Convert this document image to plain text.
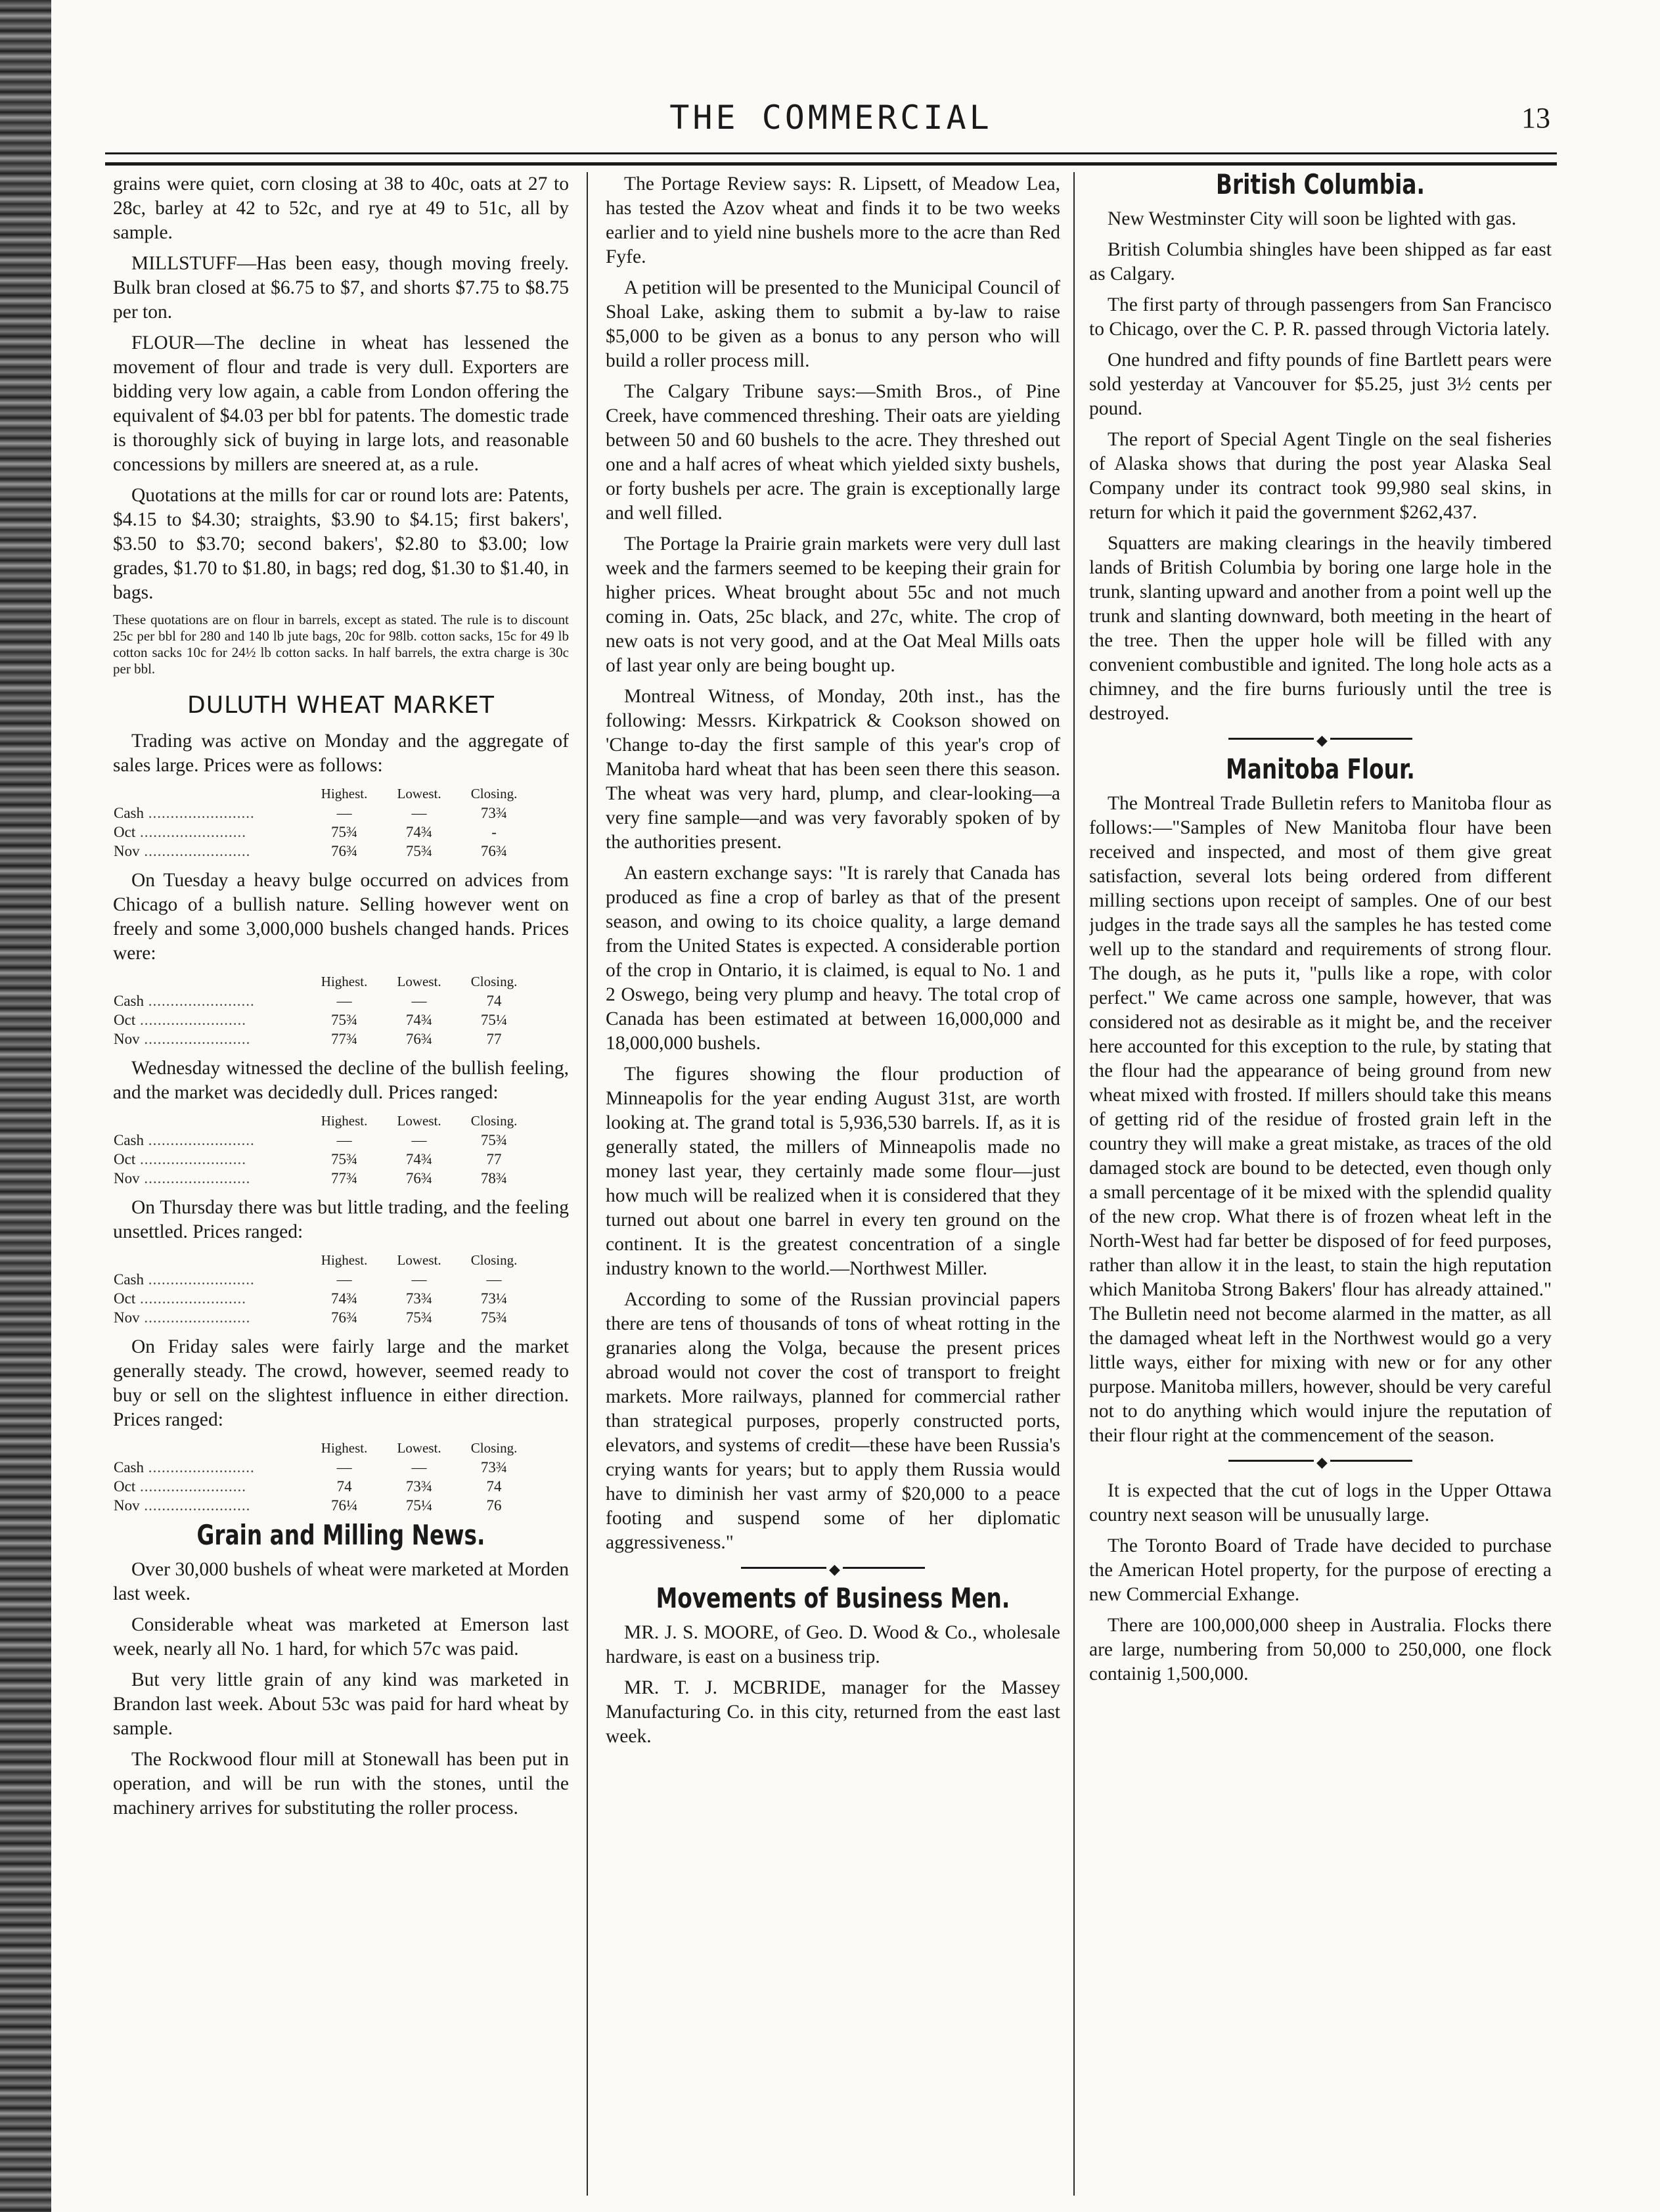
THE COMMERCIAL	13

grains were quiet, corn closing at 38 to 40c, oats at 27 to 28c, barley at 42 to 52c, and rye at 49 to 51c, all by sample.

MILLSTUFF—Has been easy, though moving freely. Bulk bran closed at $6.75 to $7, and shorts $7.75 to $8.75 per ton.

FLOUR—The decline in wheat has lessened the movement of flour and trade is very dull. Exporters are bidding very low again, a cable from London offering the equivalent of $4.03 per bbl for patents. The domestic trade is thoroughly sick of buying in large lots, and reasonable concessions by millers are sneered at, as a rule.

Quotations at the mills for car or round lots are: Patents, $4.15 to $4.30; straights, $3.90 to $4.15; first bakers', $3.50 to $3.70; second bakers', $2.80 to $3.00; low grades, $1.70 to $1.80, in bags; red dog, $1.30 to $1.40, in bags.

These quotations are on flour in barrels, except as stated. The rule is to discount 25c per bbl for 280 and 140 lb jute bags, 20c for 98lb. cotton sacks, 15c for 49 lb cotton sacks 10c for 24½ lb cotton sacks. In half barrels, the extra charge is 30c per bbl.

DULUTH WHEAT MARKET

Trading was active on Monday and the aggregate of sales large. Prices were as follows:

	Highest.	Lowest.	Closing.
Cash .....	—	—	73¾
Oct .....	75¾	74¾	-
Nov .....	76¾	75¾	76¾

On Tuesday a heavy bulge occurred on advices from Chicago of a bullish nature. Selling however went on freely and some 3,000,000 bushels changed hands. Prices were:

	Highest.	Lowest.	Closing.
Cash .....	—	—	74
Oct .....	75¾	74¾	75¼
Nov .....	77¾	76¾	77

Wednesday witnessed the decline of the bullish feeling, and the market was decidedly dull. Prices ranged:

	Highest.	Lowest.	Closing.
Cash .....	—	—	75¾
Oct .....	75¾	74¾	77
Nov .....	77¾	76¾	78¾

On Thursday there was but little trading, and the feeling unsettled. Prices ranged:

	Highest.	Lowest.	Closing.
Cash .....	—	—	—
Oct .....	74¾	73¾	73¼
Nov .....	76¾	75¾	75¾

On Friday sales were fairly large and the market generally steady. The crowd, however, seemed ready to buy or sell on the slightest influence in either direction. Prices ranged:

	Highest.	Lowest.	Closing.
Cash .....	—	—	73¾
Oct .....	74	73¾	74
Nov .....	76¼	75¼	76
Grain and Milling News.

Over 30,000 bushels of wheat were marketed at Morden last week.

Considerable wheat was marketed at Emerson last week, nearly all No. 1 hard, for which 57c was paid.

But very little grain of any kind was marketed in Brandon last week. About 53c was paid for hard wheat by sample.

The Rockwood flour mill at Stonewall has been put in operation, and will be run with the stones, until the machinery arrives for substituting the roller process.

The Portage Review says: R. Lipsett, of Meadow Lea, has tested the Azov wheat and finds it to be two weeks earlier and to yield nine bushels more to the acre than Red Fyfe.

A petition will be presented to the Municipal Council of Shoal Lake, asking them to submit a by-law to raise $5,000 to be given as a bonus to any person who will build a roller process mill.

The Calgary Tribune says:—Smith Bros., of Pine Creek, have commenced threshing. Their oats are yielding between 50 and 60 bushels to the acre. They threshed out one and a half acres of wheat which yielded sixty bushels, or forty bushels per acre. The grain is exceptionally large and well filled.

The Portage la Prairie grain markets were very dull last week and the farmers seemed to be keeping their grain for higher prices. Wheat brought about 55c and not much coming in. Oats, 25c black, and 27c, white. The crop of new oats is not very good, and at the Oat Meal Mills oats of last year only are being bought up.

Montreal Witness, of Monday, 20th inst., has the following: Messrs. Kirkpatrick & Cookson showed on 'Change to-day the first sample of this year's crop of Manitoba hard wheat that has been seen there this season. The wheat was very hard, plump, and clear-looking—a very fine sample—and was very favorably spoken of by the authorities present.

An eastern exchange says: "It is rarely that Canada has produced as fine a crop of barley as that of the present season, and owing to its choice quality, a large demand from the United States is expected. A considerable portion of the crop in Ontario, it is claimed, is equal to No. 1 and 2 Oswego, being very plump and heavy. The total crop of Canada has been estimated at between 16,000,000 and 18,000,000 bushels.

The figures showing the flour production of Minneapolis for the year ending August 31st, are worth looking at. The grand total is 5,936,530 barrels. If, as it is generally stated, the millers of Minneapolis made no money last year, they certainly made some flour—just how much will be realized when it is considered that they turned out about one barrel in every ten ground on the continent. It is the greatest concentration of a single industry known to the world.—Northwest Miller.

According to some of the Russian provincial papers there are tens of thousands of tons of wheat rotting in the granaries along the Volga, because the present prices abroad would not cover the cost of transport to freight markets. More railways, planned for commercial rather than strategical purposes, properly constructed ports, elevators, and systems of credit—these have been Russia's crying wants for years; but to apply them Russia would have to diminish her vast army of $20,000 to a peace footing and suspend some of her diplomatic aggressiveness."

◆
Movements of Business Men.

MR. J. S. MOORE, of Geo. D. Wood & Co., wholesale hardware, is east on a business trip.

MR. T. J. MCBRIDE, manager for the Massey Manufacturing Co. in this city, returned from the east last week.

British Columbia.

New Westminster City will soon be lighted with gas.

British Columbia shingles have been shipped as far east as Calgary.

The first party of through passengers from San Francisco to Chicago, over the C. P. R. passed through Victoria lately.

One hundred and fifty pounds of fine Bartlett pears were sold yesterday at Vancouver for $5.25, just 3½ cents per pound.

The report of Special Agent Tingle on the seal fisheries of Alaska shows that during the post year Alaska Seal Company under its contract took 99,980 seal skins, in return for which it paid the government $262,437.

Squatters are making clearings in the heavily timbered lands of British Columbia by boring one large hole in the trunk, slanting upward and another from a point well up the trunk and slanting downward, both meeting in the heart of the tree. Then the upper hole will be filled with any convenient combustible and ignited. The long hole acts as a chimney, and the fire burns furiously until the tree is destroyed.

◆
Manitoba Flour.

The Montreal Trade Bulletin refers to Manitoba flour as follows:—"Samples of New Manitoba flour have been received and inspected, and most of them give great satisfaction, several lots being ordered from different milling sections upon receipt of samples. One of our best judges in the trade says all the samples he has tested come well up to the standard and requirements of strong flour. The dough, as he puts it, "pulls like a rope, with color perfect." We came across one sample, however, that was considered not as desirable as it might be, and the receiver here accounted for this exception to the rule, by stating that the flour had the appearance of being ground from new wheat mixed with frosted. If millers should take this means of getting rid of the residue of frosted grain left in the country they will make a great mistake, as traces of the old damaged stock are bound to be detected, even though only a small percentage of it be mixed with the splendid quality of the new crop. What there is of frozen wheat left in the North-West had far better be disposed of for feed purposes, rather than allow it in the least, to stain the high reputation which Manitoba Strong Bakers' flour has already attained." The Bulletin need not become alarmed in the matter, as all the damaged wheat left in the Northwest would go a very little ways, either for mixing with new or for any other purpose. Manitoba millers, however, should be very careful not to do anything which would injure the reputation of their flour right at the commencement of the season.

◆

It is expected that the cut of logs in the Upper Ottawa country next season will be unusually large.

The Toronto Board of Trade have decided to purchase the American Hotel property, for the purpose of erecting a new Commercial Exhange.

There are 100,000,000 sheep in Australia. Flocks there are large, numbering from 50,000 to 250,000, one flock containig 1,500,000.
